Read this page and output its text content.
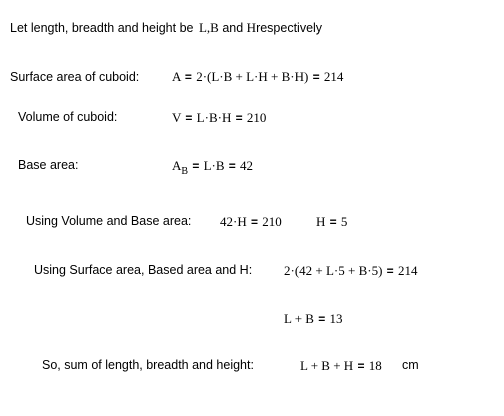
Let length, breadth and height be L,B and Hrespectively
Surface area of cuboid:	A = 2·(L·B + L·H + B·H) = 214
Volume of cuboid:	V = L·B·H = 210
Base area:	$A_B = L\cdot B = 42$
Using Volume and Base area: 42·H = 210	H = 5
Using Surface area, Based area and H: 2·(42 + L·5 + B·5) = 214
L + B = 13
So, sum of length, breadth and height:	L + B + H = 18 cm
